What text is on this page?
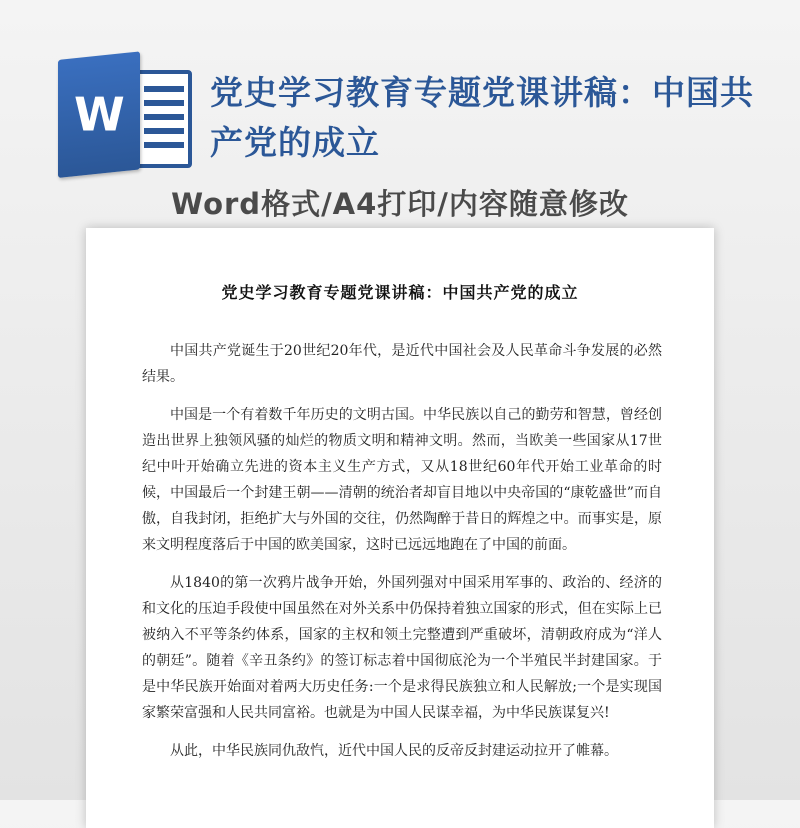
W	党史学习教育专题党课讲稿：中国共产党的成立
Word格式/A4打印/内容随意修改
党史学习教育专题党课讲稿：中国共产党的成立

中国共产党诞生于20世纪20年代，是近代中国社会及人民革命斗争发展的必然结果。

中国是一个有着数千年历史的文明古国。中华民族以自己的勤劳和智慧，曾经创造出世界上独领风骚的灿烂的物质文明和精神文明。然而，当欧美一些国家从17世纪中叶开始确立先进的资本主义生产方式，又从18世纪60年代开始工业革命的时候，中国最后一个封建王朝——清朝的统治者却盲目地以中央帝国的“康乾盛世”而自傲，自我封闭，拒绝扩大与外国的交往，仍然陶醉于昔日的辉煌之中。而事实是，原来文明程度落后于中国的欧美国家，这时已远远地跑在了中国的前面。

从1840的第一次鸦片战争开始，外国列强对中国采用军事的、政治的、经济的和文化的压迫手段使中国虽然在对外关系中仍保持着独立国家的形式，但在实际上已被纳入不平等条约体系，国家的主权和领土完整遭到严重破坏，清朝政府成为“洋人的朝廷”。随着《辛丑条约》的签订标志着中国彻底沦为一个半殖民半封建国家。于是中华民族开始面对着两大历史任务:一个是求得民族独立和人民解放;一个是实现国家繁荣富强和人民共同富裕。也就是为中国人民谋幸福，为中华民族谋复兴!

从此，中华民族同仇敌忾，近代中国人民的反帝反封建运动拉开了帷幕。
